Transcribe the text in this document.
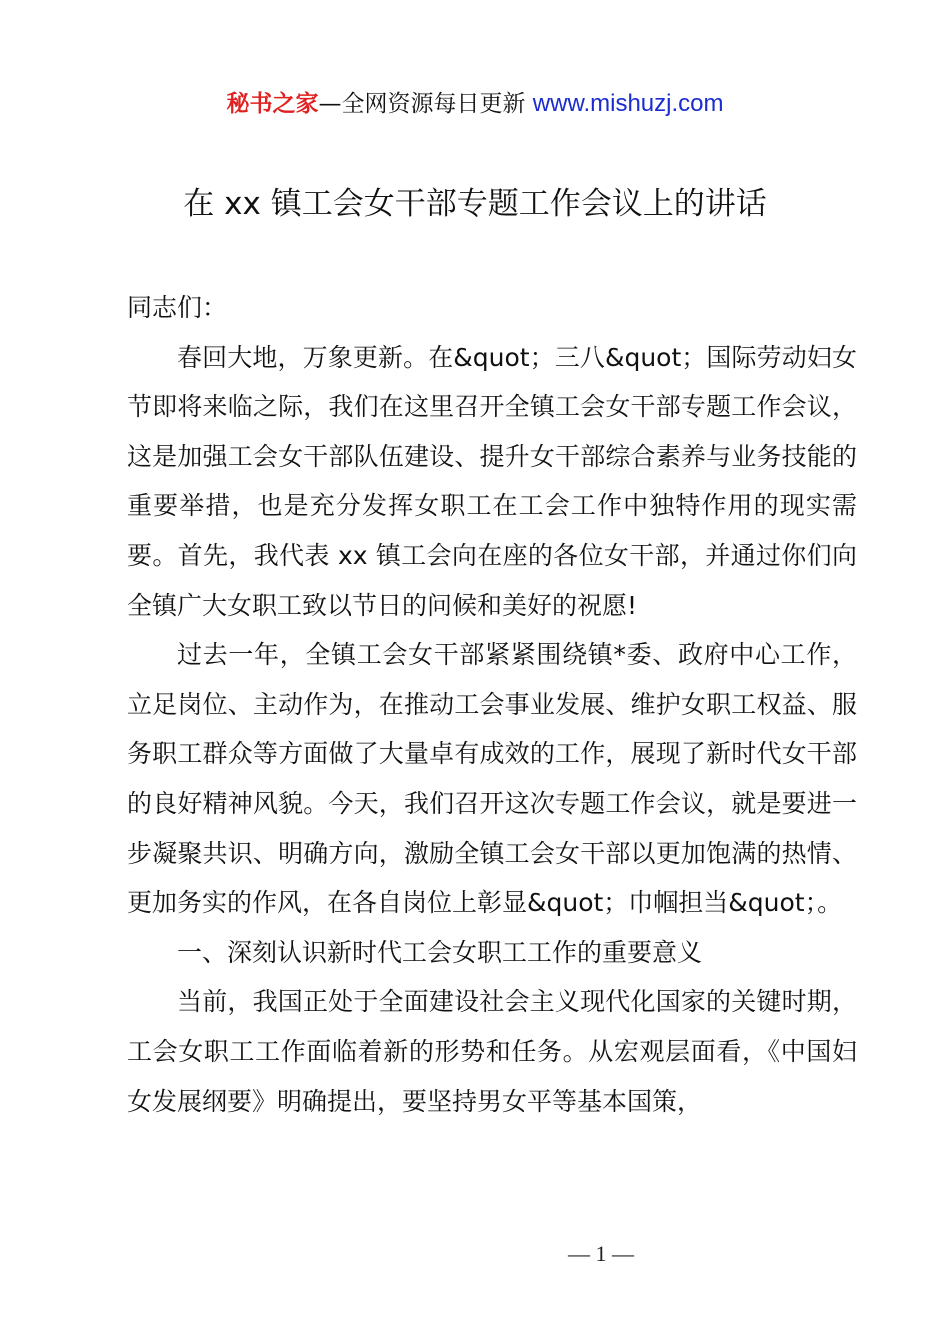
秘书之家—全网资源每日更新 www.mishuzj.com
在 xx 镇工会女干部专题工作会议上的讲话

同志们：

春回大地，万象更新。在&quot；三八&quot；国际劳动妇女节即将来临之际，我们在这里召开全镇工会女干部专题工作会议，这是加强工会女干部队伍建设、提升女干部综合素养与业务技能的重要举措，也是充分发挥女职工在工会工作中独特作用的现实需要。首先，我代表 xx 镇工会向在座的各位女干部，并通过你们向全镇广大女职工致以节日的问候和美好的祝愿!

过去一年，全镇工会女干部紧紧围绕镇*委、政府中心工作，立足岗位、主动作为，在推动工会事业发展、维护女职工权益、服务职工群众等方面做了大量卓有成效的工作，展现了新时代女干部的良好精神风貌。今天，我们召开这次专题工作会议，就是要进一步凝聚共识、明确方向，激励全镇工会女干部以更加饱满的热情、更加务实的作风，在各自岗位上彰显&quot；巾帼担当&quot；。

一、深刻认识新时代工会女职工工作的重要意义

当前，我国正处于全面建设社会主义现代化国家的关键时期，工会女职工工作面临着新的形势和任务。从宏观层面看，《中国妇女发展纲要》明确提出，要坚持男女平等基本国策，

— 1 —
